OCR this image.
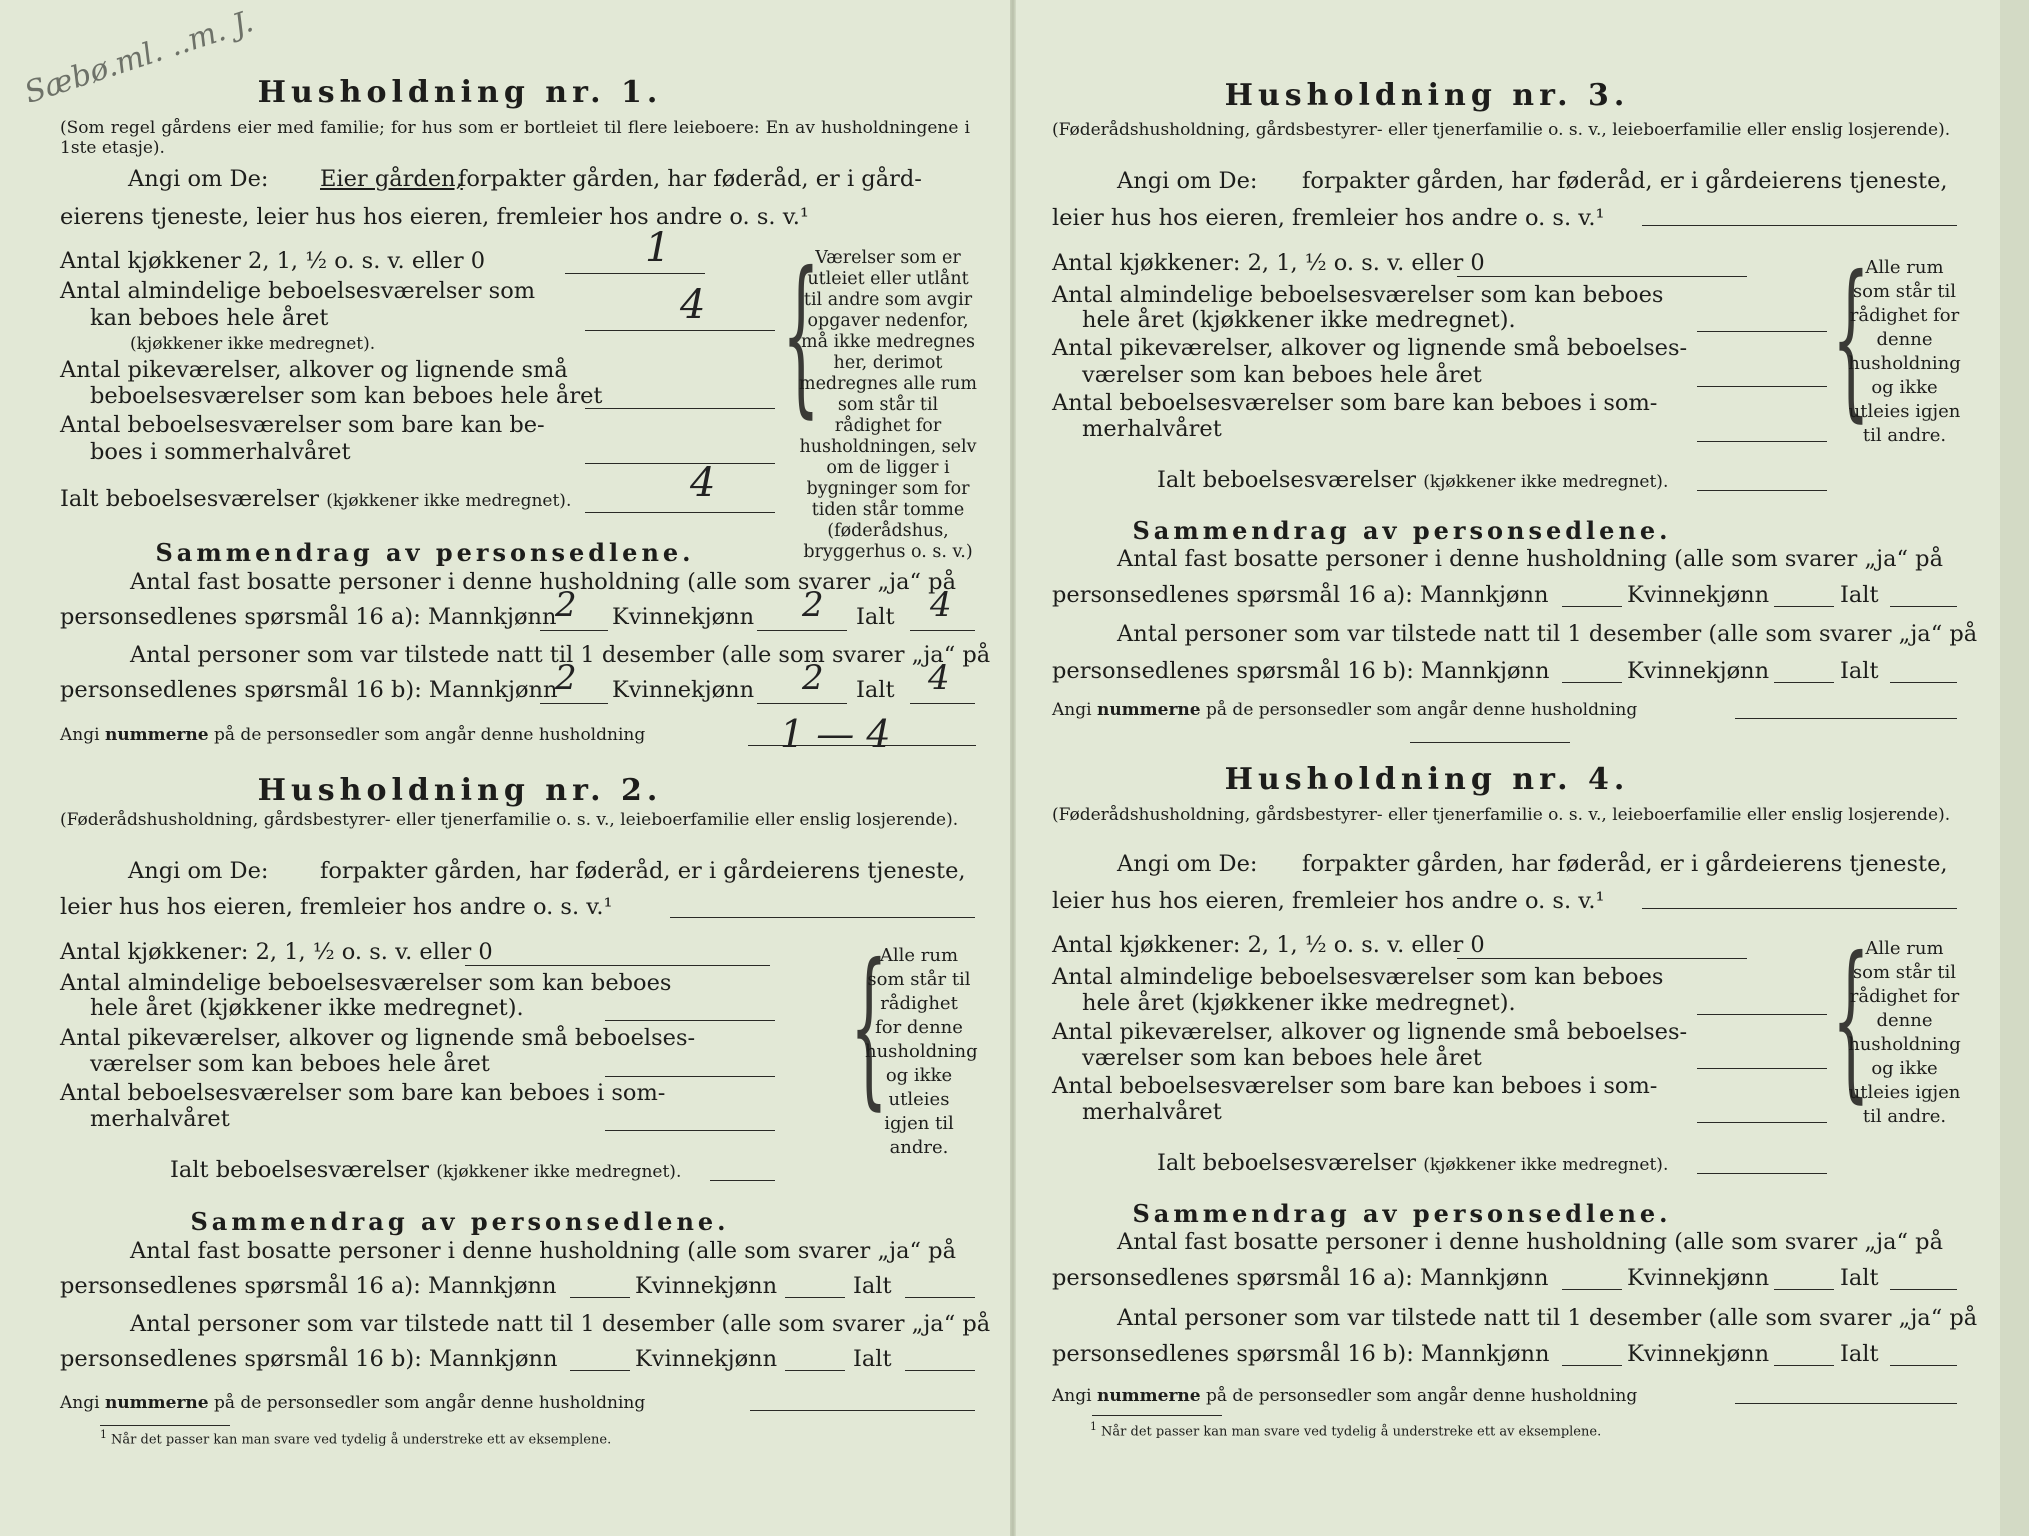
Sæbø.ml. ..m. J. Husholdning nr. 1.
(Som regel gårdens eier med familie; for hus som er bortleiet til flere leieboere: En av husholdningene i 1ste etasje).
Angi om De: Eier gården,
forpakter gården, har føderåd, er i gård-
eierens tjeneste, leier hus hos eieren, fremleier hos andre o. s. v.¹
Antal kjøkkener 2, 1, ½ o. s. v. eller 0	1
Antal almindelige beboelsesværelser som
kan beboes hele året
(kjøkkener ikke medregnet).
4
Antal pikeværelser, alkover og lignende små
beboelsesværelser som kan beboes hele året
Antal beboelsesværelser som bare kan be-
boes i sommerhalvåret
Ialt beboelsesværelser (kjøkkener ikke medregnet).	4
{
Værelser som er utleiet eller utlånt til andre som avgir opgaver nedenfor, må ikke medregnes her, derimot medregnes alle rum som står til rådighet for husholdningen, selv om de ligger i bygninger som for tiden står tomme (føderådshus, bryggerhus o. s. v.)
Sammendrag av personsedlene.
Antal fast bosatte personer i denne husholdning (alle som svarer „ja“ på
personsedlenes spørsmål 16 a): Mannkjønn
2 Kvinnekjønn 2 Ialt 4
Antal personer som var tilstede natt til 1 desember (alle som svarer „ja“ på
personsedlenes spørsmål 16 b): Mannkjønn
2 Kvinnekjønn 2 Ialt 4
Angi nummerne på de personsedler som angår denne husholdning	1 — 4
Husholdning nr. 2.
(Føderådshusholdning, gårdsbestyrer- eller tjenerfamilie o. s. v., leieboerfamilie eller enslig losjerende).
Angi om De: forpakter gården, har føderåd, er i gårdeierens tjeneste,
leier hus hos eieren, fremleier hos andre o. s. v.¹
Antal kjøkkener: 2, 1, ½ o. s. v. eller 0
Antal almindelige beboelsesværelser som kan beboes
hele året (kjøkkener ikke medregnet).
Antal pikeværelser, alkover og lignende små beboelses-
værelser som kan beboes hele året
Antal beboelsesværelser som bare kan beboes i som-
merhalvåret
Ialt beboelsesværelser (kjøkkener ikke medregnet).
{
Alle rum som står til rådighet for denne husholdning og ikke utleies igjen til andre.
Sammendrag av personsedlene.
Antal fast bosatte personer i denne husholdning (alle som svarer „ja“ på
personsedlenes spørsmål 16 a): Mannkjønn	Kvinnekjønn	Ialt
Antal personer som var tilstede natt til 1 desember (alle som svarer „ja“ på
personsedlenes spørsmål 16 b): Mannkjønn	Kvinnekjønn	Ialt
Angi nummerne på de personsedler som angår denne husholdning
$^1$ Når det passer kan man svare ved tydelig å understreke ett av eksemplene.
Husholdning nr. 3.
(Føderådshusholdning, gårdsbestyrer- eller tjenerfamilie o. s. v., leieboerfamilie eller enslig losjerende).
Angi om De: forpakter gården, har føderåd, er i gårdeierens tjeneste,
leier hus hos eieren, fremleier hos andre o. s. v.¹
Antal kjøkkener: 2, 1, ½ o. s. v. eller 0
Antal almindelige beboelsesværelser som kan beboes
hele året (kjøkkener ikke medregnet).
Antal pikeværelser, alkover og lignende små beboelses-
værelser som kan beboes hele året
Antal beboelsesværelser som bare kan beboes i som-
merhalvåret
Ialt beboelsesværelser (kjøkkener ikke medregnet).
{
Alle rum som står til rådighet for denne husholdning og ikke utleies igjen til andre.
Sammendrag av personsedlene.
Antal fast bosatte personer i denne husholdning (alle som svarer „ja“ på
personsedlenes spørsmål 16 a): Mannkjønn	Kvinnekjønn	Ialt
Antal personer som var tilstede natt til 1 desember (alle som svarer „ja“ på
personsedlenes spørsmål 16 b): Mannkjønn	Kvinnekjønn	Ialt
Angi nummerne på de personsedler som angår denne husholdning
Husholdning nr. 4.
(Føderådshusholdning, gårdsbestyrer- eller tjenerfamilie o. s. v., leieboerfamilie eller enslig losjerende).
Angi om De: forpakter gården, har føderåd, er i gårdeierens tjeneste,
leier hus hos eieren, fremleier hos andre o. s. v.¹
Antal kjøkkener: 2, 1, ½ o. s. v. eller 0
Antal almindelige beboelsesværelser som kan beboes
hele året (kjøkkener ikke medregnet).
Antal pikeværelser, alkover og lignende små beboelses-
værelser som kan beboes hele året
Antal beboelsesværelser som bare kan beboes i som-
merhalvåret
Ialt beboelsesværelser (kjøkkener ikke medregnet).
{
Alle rum som står til rådighet for denne husholdning og ikke utleies igjen til andre.
Sammendrag av personsedlene.
Antal fast bosatte personer i denne husholdning (alle som svarer „ja“ på
personsedlenes spørsmål 16 a): Mannkjønn	Kvinnekjønn	Ialt
Antal personer som var tilstede natt til 1 desember (alle som svarer „ja“ på
personsedlenes spørsmål 16 b): Mannkjønn	Kvinnekjønn	Ialt
Angi nummerne på de personsedler som angår denne husholdning
$^1$ Når det passer kan man svare ved tydelig å understreke ett av eksemplene.
